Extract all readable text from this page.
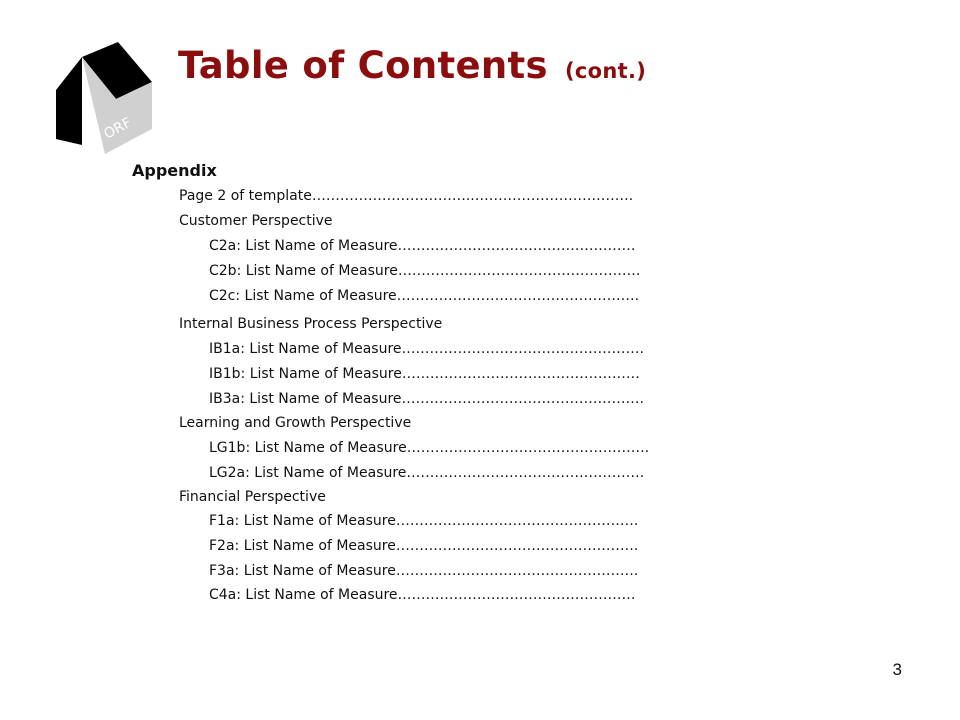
ORF
Table of Contents (cont.)
Appendix
Page 2 of template……………………………..…………………………….
Customer Perspective
C2a: List Name of Measure……………………………………………
C2b: List Name of Measure…………………………………………….
C2c: List Name of Measure…………………………………………….
Internal Business Process Perspective
IB1a: List Name of Measure…………………………………………….
IB1b: List Name of Measure……………………………………………
IB3a: List Name of Measure…………………………………………….
Learning and Growth Perspective
LG1b: List Name of Measure…………………………………………….
LG2a: List Name of Measure……………………………………………
Financial Perspective
F1a: List Name of Measure…………………………………………….
F2a: List Name of Measure…………………………………………….
F3a: List Name of Measure…………………………………………….
C4a: List Name of Measure……………………………………………
3
